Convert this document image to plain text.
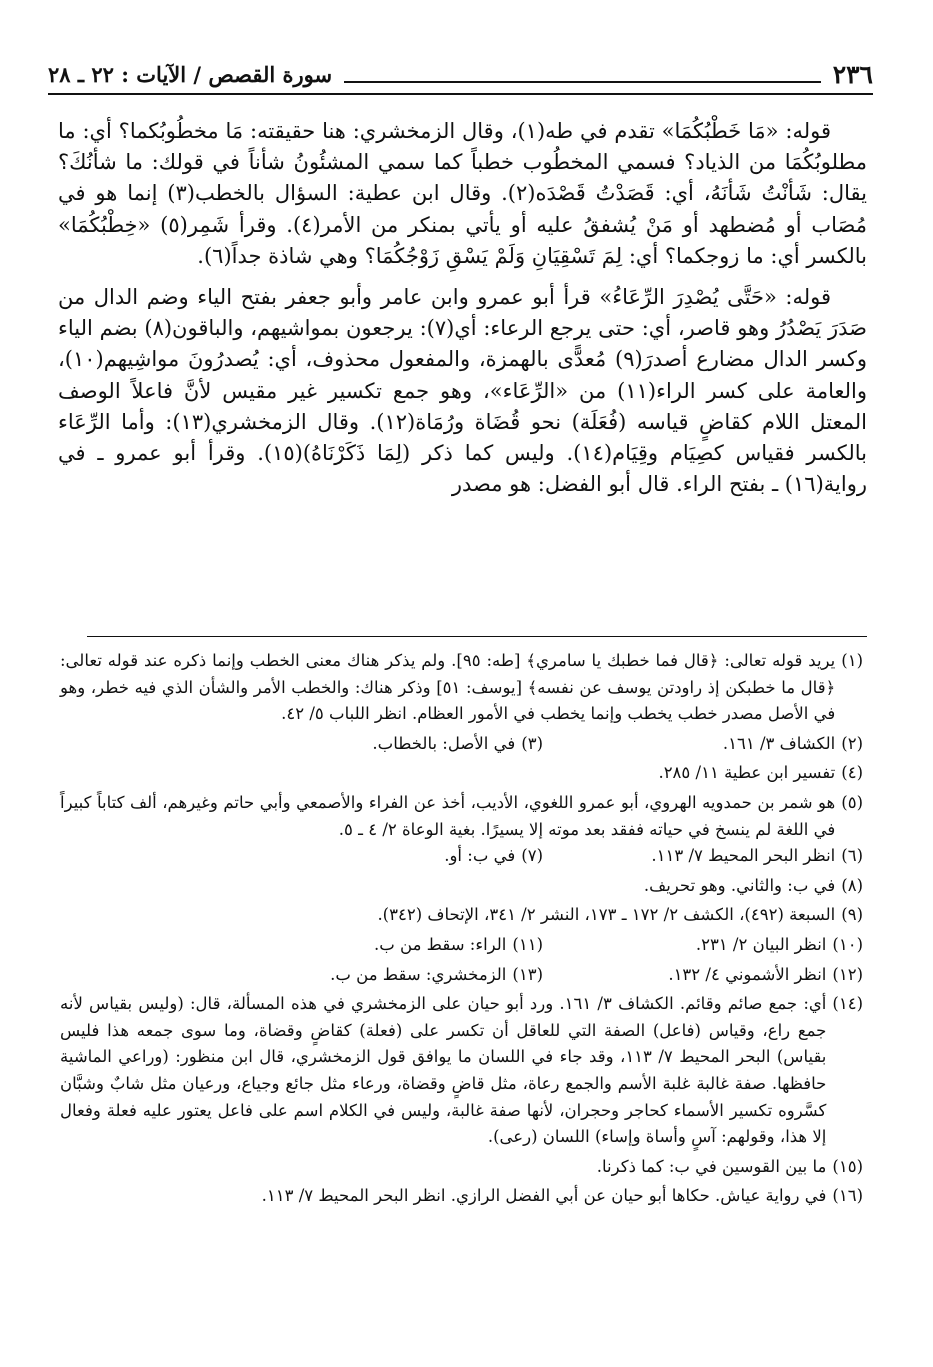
٢٣٦
سورة القصص / الآيات : ٢٢ ـ ٢٨

قوله: «مَا خَطْبُكُمَا» تقدم في طه(١)، وقال الزمخشري: هنا حقيقته: مَا مخطُوبُكما؟ أي: ما مطلوبُكُمَا من الذياد؟ فسمي المخطُوب خطباً كما سمي المشئُونُ شأناً في قولك: ما شأنُكَ؟ يقال: شَأنْتُ شَأنَهُ، أي: قَصَدْتُ قَصْدَه(٢). وقال ابن عطية: السؤال بالخطب(٣) إنما هو في مُصَاب أو مُضطهد أو مَنْ يُشفقُ عليه أو يأتي بمنكر من الأمر(٤). وقرأ شَمِر(٥) «خِطْبُكُمَا» بالكسر أي: ما زوجكما؟ أي: لِمَ تَسْقِيَانِ وَلَمْ يَسْقِ زَوْجُكُمَا؟ وهي شاذة جداً(٦).

قوله: «حَتَّى يُصْدِرَ الرِّعَاءُ» قرأ أبو عمرو وابن عامر وأبو جعفر بفتح الياء وضم الدال من صَدَرَ يَصْدُرُ وهو قاصر، أي: حتى يرجع الرعاء: أي(٧): يرجعون بمواشيهم، والباقون(٨) بضم الياء وكسر الدال مضارع أصدرَ(٩) مُعدًّى بالهمزة، والمفعول محذوف، أي: يُصدرُونَ مواشِيهم(١٠)، والعامة على كسر الراء(١١) من «الرِّعَاء»، وهو جمع تكسير غير مقيس لأنَّ فاعلاً الوصف المعتل اللام كقاضٍ قياسه (فُعَلَة) نحو قُضَاة ورُمَاة(١٢). وقال الزمخشري(١٣): وأما الرِّعَاء بالكسر فقياس كصِيَام وقِيَام(١٤). وليس كما ذكر (لِمَا ذَكَرْنَاهُ)(١٥). وقرأ أبو عمرو ـ في رواية(١٦) ـ بفتح الراء. قال أبو الفضل: هو مصدر

(١)
يريد قوله تعالى: ﴿قال فما خطبك يا سامري﴾ [طه: ٩٥]. ولم يذكر هناك معنى الخطب وإنما ذكره عند قوله تعالى: ﴿قال ما خطبكن إذ راودتن يوسف عن نفسه﴾ [يوسف: ٥١] وذكر هناك: والخطب الأمر والشأن الذي فيه خطر، وهو في الأصل مصدر خطب يخطب وإنما يخطب في الأمور العظام. انظر اللباب ٥/ ٤٢.
(٢)
الكشاف ٣/ ١٦١.
(٣)
في الأصل: بالخطاب.
(٤)
تفسير ابن عطية ١١/ ٢٨٥.
(٥)
هو شمر بن حمدويه الهروي، أبو عمرو اللغوي، الأديب، أخذ عن الفراء والأصمعي وأبي حاتم وغيرهم، ألف كتاباً كبيراً في اللغة لم ينسخ في حياته ففقد بعد موته إلا يسيرًا. بغية الوعاة ٢/ ٤ ـ ٥.
(٦)
انظر البحر المحيط ٧/ ١١٣.
(٧)
في ب: أو.
(٨)
في ب: والثاني. وهو تحريف.
(٩)
السبعة (٤٩٢)، الكشف ٢/ ١٧٢ ـ ١٧٣، النشر ٢/ ٣٤١، الإتحاف (٣٤٢).
(١٠)
انظر البيان ٢/ ٢٣١.
(١١)
الراء: سقط من ب.
(١٢)
انظر الأشموني ٤/ ١٣٢.
(١٣)
الزمخشري: سقط من ب.
(١٤)
أي: جمع صائم وقائم. الكشاف ٣/ ١٦١. ورد أبو حيان على الزمخشري في هذه المسألة، قال: (وليس بقياس لأنه جمع راع، وقياس (فاعل) الصفة التي للعاقل أن تكسر على (فعلة) كقاضٍ وقضاة، وما سوى جمعه هذا فليس بقياس) البحر المحيط ٧/ ١١٣، وقد جاء في اللسان ما يوافق قول الزمخشري، قال ابن منظور: (وراعي الماشية حافظها. صفة غالبة غلبة الأسم والجمع رعاة، مثل قاضٍ وقضاة، ورعاء مثل جائع وجياع، ورعيان مثل شابٌ وشبَّان كسَّروه تكسير الأسماء كحاجر وحجران، لأنها صفة غالبة، وليس في الكلام اسم على فاعل يعتور عليه فعلة وفعال إلا هذا، وقولهم: آسٍ وأساة وإساء) اللسان (رعى).
(١٥)
ما بين القوسين في ب: كما ذكرنا.
(١٦)
في رواية عياش. حكاها أبو حيان عن أبي الفضل الرازي. انظر البحر المحيط ٧/ ١١٣.
